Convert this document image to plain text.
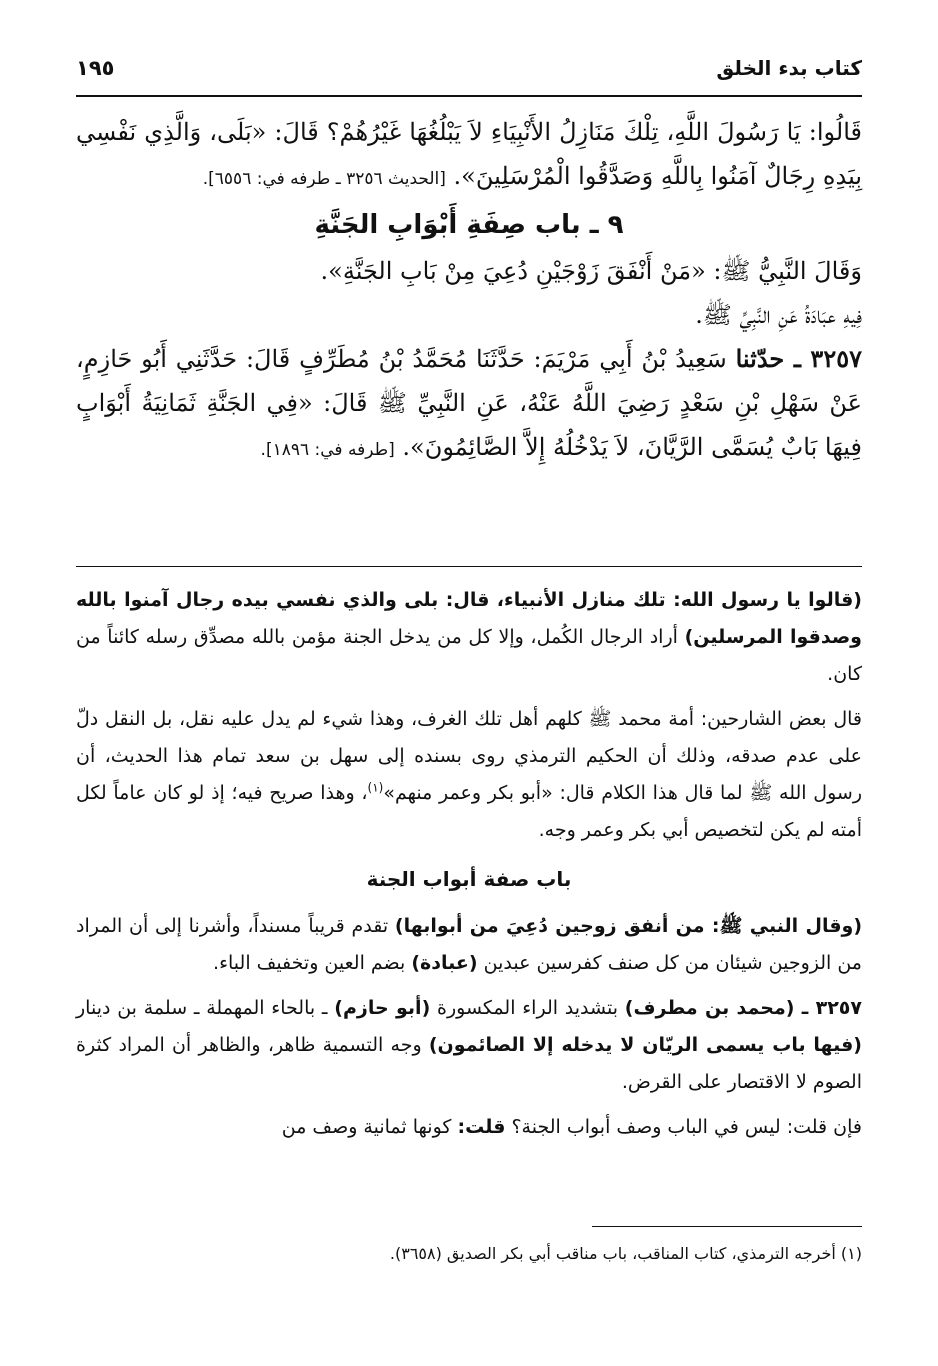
كتاب بدء الخلق
١٩٥

قَالُوا: يَا رَسُولَ اللَّهِ، تِلْكَ مَنَازِلُ الأَنْبِيَاءِ لاَ يَبْلُغُهَا غَيْرُهُمْ؟ قَالَ: «بَلَى، وَالَّذِي نَفْسِي بِيَدِهِ رِجَالٌ آمَنُوا بِاللَّهِ وَصَدَّقُوا الْمُرْسَلِينَ». [الحديث ٣٢٥٦ ـ طرفه في: ٦٥٥٦].

٩ ـ باب صِفَةِ أَبْوَابِ الجَنَّةِ

وَقَالَ النَّبِيُّ ﷺ: «مَنْ أَنْفَقَ زَوْجَيْنِ دُعِيَ مِنْ بَابِ الجَنَّةِ».

فِيهِ عبَادَةُ عَنِ النَّبِيِّ ﷺ.

٣٢٥٧ ـ حدّثنا سَعِيدُ بْنُ أَبِي مَرْيَمَ: حَدَّثَنَا مُحَمَّدُ بْنُ مُطَرِّفٍ قَالَ: حَدَّثَنِي أَبُو حَازِمٍ، عَنْ سَهْلِ بْنِ سَعْدٍ رَضِيَ اللَّهُ عَنْهُ، عَنِ النَّبِيِّ ﷺ قَالَ: «فِي الجَنَّةِ ثَمَانِيَةُ أَبْوَابٍ فِيهَا بَابٌ يُسَمَّى الرَّيَّانَ، لاَ يَدْخُلُهُ إِلاَّ الصَّائِمُونَ». [طرفه في: ١٨٩٦].

(قالوا يا رسول الله: تلك منازل الأنبياء، قال: بلى والذي نفسي بيده رجال آمنوا بالله وصدقوا المرسلين) أراد الرجال الكُمل، وإلا كل من يدخل الجنة مؤمن بالله مصدِّق رسله كائناً من كان.

قال بعض الشارحين: أمة محمد ﷺ كلهم أهل تلك الغرف، وهذا شيء لم يدل عليه نقل، بل النقل دلّ على عدم صدقه، وذلك أن الحكيم الترمذي روى بسنده إلى سهل بن سعد تمام هذا الحديث، أن رسول الله ﷺ لما قال هذا الكلام قال: «أبو بكر وعمر منهم»$^{(١)}$، وهذا صريح فيه؛ إذ لو كان عاماً لكل أمته لم يكن لتخصيص أبي بكر وعمر وجه.

باب صفة أبواب الجنة

(وقال النبي ﷺ: من أنفق زوجين دُعِيَ من أبوابها) تقدم قريباً مسنداً، وأشرنا إلى أن المراد من الزوجين شيئان من كل صنف كفرسين عبدين (عبادة) بضم العين وتخفيف الباء.

٣٢٥٧ ـ (محمد بن مطرف) بتشديد الراء المكسورة (أبو حازم) ـ بالحاء المهملة ـ سلمة بن دينار (فيها باب يسمى الريّان لا يدخله إلا الصائمون) وجه التسمية ظاهر، والظاهر أن المراد كثرة الصوم لا الاقتصار على القرض.

فإن قلت: ليس في الباب وصف أبواب الجنة؟ قلت: كونها ثمانية وصف من

(١) أخرجه الترمذي، كتاب المناقب، باب مناقب أبي بكر الصديق (٣٦٥٨).
